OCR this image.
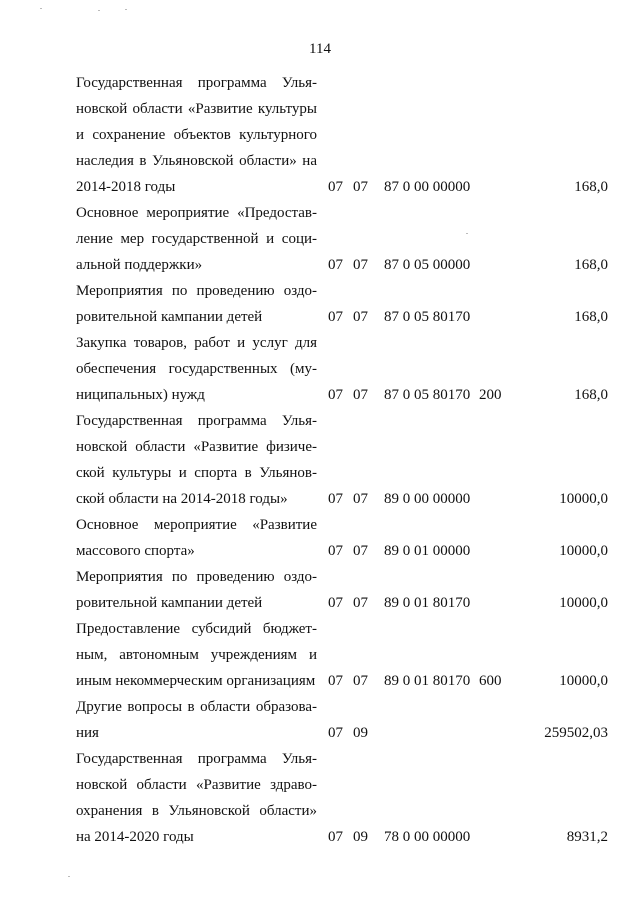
114
Государственная программа Улья-
новской области «Развитие культуры
и сохранение объектов культурного
наследия в Ульяновской области» на
2014-2018 годы	07 07 87 0 00 00000	168,0
Основное мероприятие «Предостав-
ление мер государственной и соци-
альной поддержки»	07 07 87 0 05 00000	168,0
Мероприятия по проведению оздо-
ровительной кампании детей	07 07 87 0 05 80170	168,0
Закупка товаров, работ и услуг для
обеспечения государственных (му-
ниципальных) нужд	07 07 87 0 05 80170 200	168,0
Государственная программа Улья-
новской области «Развитие физиче-
ской культуры и спорта в Ульянов-
ской области на 2014-2018 годы»	07 07 89 0 00 00000	10000,0
Основное мероприятие «Развитие
массового спорта»	07 07 89 0 01 00000	10000,0
Мероприятия по проведению оздо-
ровительной кампании детей	07 07 89 0 01 80170	10000,0
Предоставление субсидий бюджет-
ным, автономным учреждениям и
иным некоммерческим организациям 07 07 89 0 01 80170 600	10000,0
Другие вопросы в области образова-
ния	07 09	259502,03
Государственная программа Улья-
новской области «Развитие здраво-
охранения в Ульяновской области»
на 2014-2020 годы	07 09 78 0 00 00000	8931,2
